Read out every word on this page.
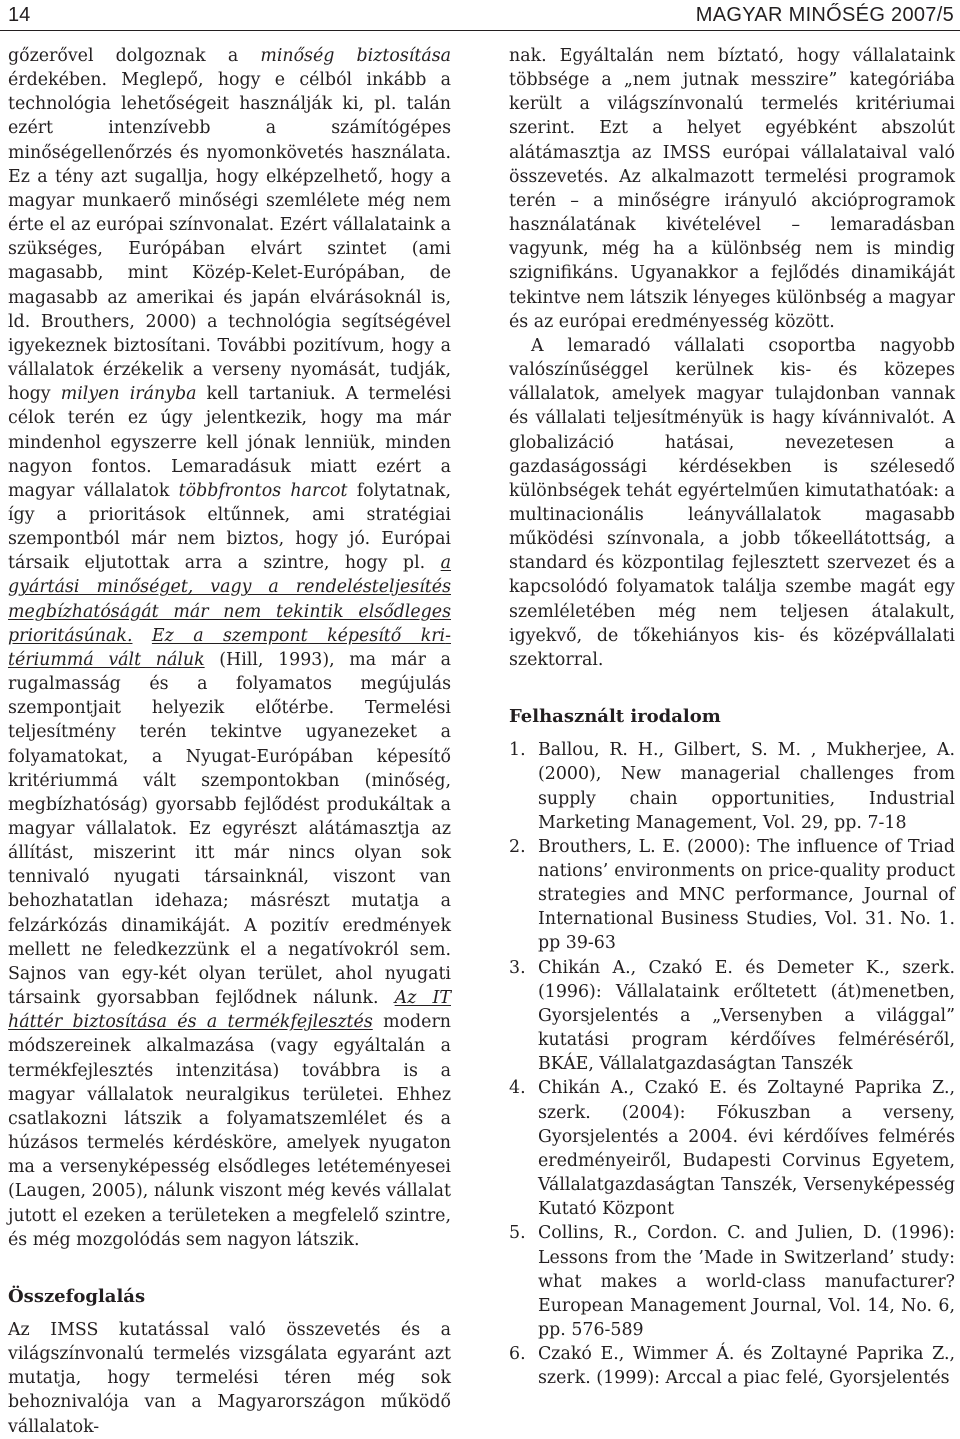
14	MAGYAR MINŐSÉG 2007/5

gőzerővel dolgoznak a minőség biztosítása érdekében. Meglepő, hogy e célból inkább a technológia lehetőségeit használják ki, pl. talán ezért intenzívebb a számítógépes minőségellenőrzés és nyomonkövetés használata. Ez a tény azt sugallja, hogy elképzelhető, hogy a magyar munkaerő minőségi szemlélete még nem érte el az európai színvonalat. Ezért vállalataink a szükséges, Európában elvárt szintet (ami magasabb, mint Közép-Kelet-Európában, de magasabb az amerikai és japán elvárásoknál is, ld. Brouthers, 2000) a technológia segítségével igyekeznek biztosítani. További pozitívum, hogy a vállalatok érzékelik a verseny nyomását, tudják, hogy milyen irányba kell tartaniuk. A termelési célok terén ez úgy jelentkezik, hogy ma már mindenhol egyszerre kell jónak lenniük, minden nagyon fontos. Lemaradásuk miatt ezért a magyar vállalatok többfrontos harcot folytatnak, így a prioritások eltűnnek, ami stratégiai szempontból már nem biztos, hogy jó. Európai társaik eljutottak arra a szintre, hogy pl. a gyártási minőséget, vagy a rendelésteljesítés megbízhatóságát már nem tekintik elsődleges prioritásúnak. Ez a szempont képesítő kritériummá vált náluk (Hill, 1993), ma már a rugalmasság és a folyamatos megújulás szempontjait helyezik előtérbe. Termelési teljesítmény terén tekintve ugyanezeket a folyamatokat, a Nyugat-Európában képesítő kritériummá vált szempontokban (minőség, megbízhatóság) gyorsabb fejlődést produkáltak a magyar vállalatok. Ez egyrészt alátámasztja az állítást, miszerint itt már nincs olyan sok tennivaló nyugati társainknál, viszont van behozhatatlan idehaza; másrészt mutatja a felzárkózás dinamikáját. A pozitív eredmények mellett ne feledkezzünk el a negatívokról sem. Sajnos van egy-két olyan terület, ahol nyugati társaink gyorsabban fejlődnek nálunk. Az IT háttér biztosítása és a termékfejlesztés modern módszereinek alkalmazása (vagy egyáltalán a termékfejlesztés intenzitása) továbbra is a magyar vállalatok neuralgikus területei. Ehhez csatlakozni látszik a folyamatszemlélet és a húzásos termelés kérdésköre, amelyek nyugaton ma a versenyképesség elsődleges letéteményesei (Laugen, 2005), nálunk viszont még kevés vállalat jutott el ezeken a területeken a megfelelő szintre, és még mozgolódás sem nagyon látszik.

Összefoglalás

Az IMSS kutatással való összevetés és a világszínvonalú termelés vizsgálata egyaránt azt mutatja, hogy termelési téren még sok behoznivalója van a Magyarországon működő vállalatok-

nak. Egyáltalán nem bíztató, hogy vállalataink többsége a „nem jutnak messzire” kategóriába került a világszínvonalú termelés kritériumai szerint. Ezt a helyet egyébként abszolút alátámasztja az IMSS európai vállalataival való összevetés. Az alkalmazott termelési programok terén – a minőségre irányuló akcióprogramok használatának kivételével – lemaradásban vagyunk, még ha a különbség nem is mindig szignifikáns. Ugyanakkor a fejlődés dinamikáját tekintve nem látszik lényeges különbség a magyar és az európai eredményesség között.

A lemaradó vállalati csoportba nagyobb valószínűséggel kerülnek kis- és közepes vállalatok, amelyek magyar tulajdonban vannak és vállalati teljesítményük is hagy kívánnivalót. A globalizáció hatásai, nevezetesen a gazdaságossági kérdésekben is szélesedő különbségek tehát egyértelműen kimutathatóak: a multinacionális leányvállalatok magasabb működési színvonala, a jobb tőkeellátottság, a standard és központilag fejlesztett szervezet és a kapcsolódó folyamatok találja szembe magát egy szemléletében még nem teljesen átalakult, igyekvő, de tőkehiányos kis- és középvállalati szektorral.

Felhasznált irodalom
1. Ballou, R. H., Gilbert, S. M. , Mukherjee, A. (2000), New managerial challenges from supply chain opportunities, Industrial Marketing Management, Vol. 29, pp. 7-18
2. Brouthers, L. E. (2000): The influence of Triad nations’ environments on price-quality product strategies and MNC performance, Journal of International Business Studies, Vol. 31. No. 1. pp 39-63
3. Chikán A., Czakó E. és Demeter K., szerk. (1996): Vállalataink erőltetett (át)menetben, Gyorsjelentés a „Versenyben a világgal” kutatási program kérdőíves felméréséről, BKÁE, Vállalatgazdaságtan Tanszék
4. Chikán A., Czakó E. és Zoltayné Paprika Z., szerk. (2004): Fókuszban a verseny, Gyorsjelentés a 2004. évi kérdőíves felmérés eredményeiről, Budapesti Corvinus Egyetem, Vállalatgazdaságtan Tanszék, Versenyképesség Kutató Központ
5. Collins, R., Cordon. C. and Julien, D. (1996): Lessons from the ’Made in Switzerland’ study: what makes a world-class manufacturer? European Management Journal, Vol. 14, No. 6, pp. 576-589
6. Czakó E., Wimmer Á. és Zoltayné Paprika Z., szerk. (1999): Arccal a piac felé, Gyorsjelentés
